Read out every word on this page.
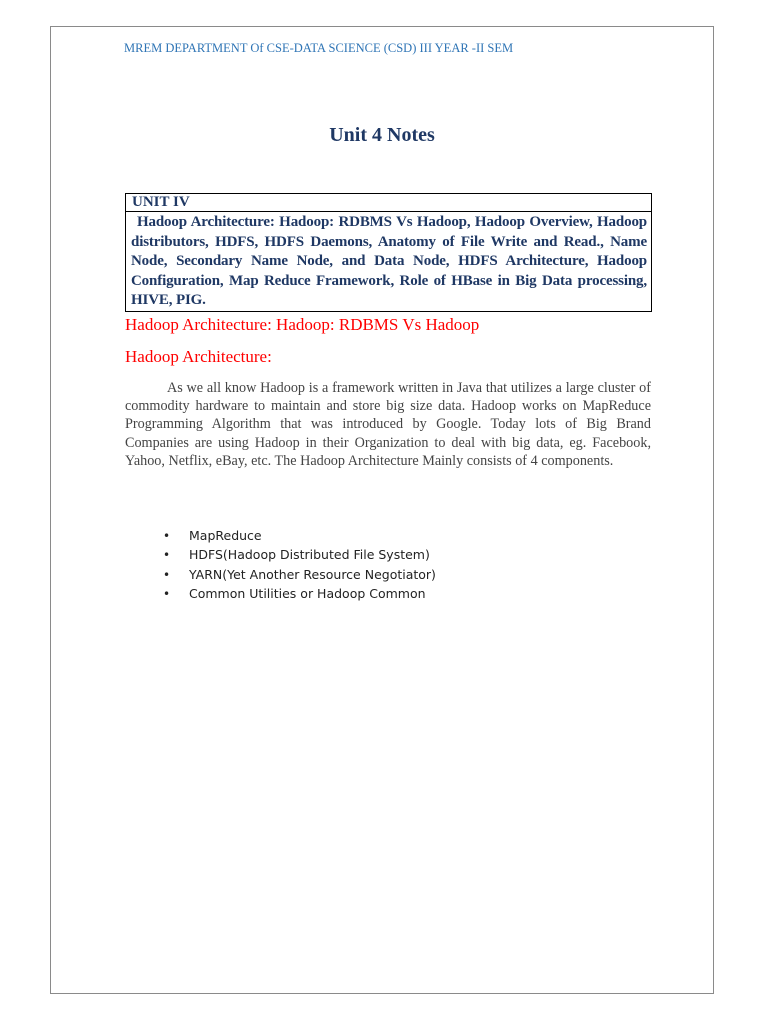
MREM DEPARTMENT Of CSE-DATA SCIENCE (CSD) III YEAR -II SEM
Unit 4 Notes
UNIT IV
Hadoop Architecture: Hadoop: RDBMS Vs Hadoop, Hadoop Overview, Hadoop distributors, HDFS, HDFS Daemons, Anatomy of File Write and Read., Name Node, Secondary Name Node, and Data Node, HDFS Architecture, Hadoop Configuration, Map Reduce Framework, Role of HBase in Big Data processing, HIVE, PIG.
Hadoop Architecture: Hadoop: RDBMS Vs Hadoop
Hadoop Architecture:
As we all know Hadoop is a framework written in Java that utilizes a large cluster of commodity hardware to maintain and store big size data. Hadoop works on MapReduce Programming Algorithm that was introduced by Google. Today lots of Big Brand Companies are using Hadoop in their Organization to deal with big data, eg. Facebook, Yahoo, Netflix, eBay, etc. The Hadoop Architecture Mainly consists of 4 components.
• MapReduce
• HDFS(Hadoop Distributed File System)
• YARN(Yet Another Resource Negotiator)
• Common Utilities or Hadoop Common
